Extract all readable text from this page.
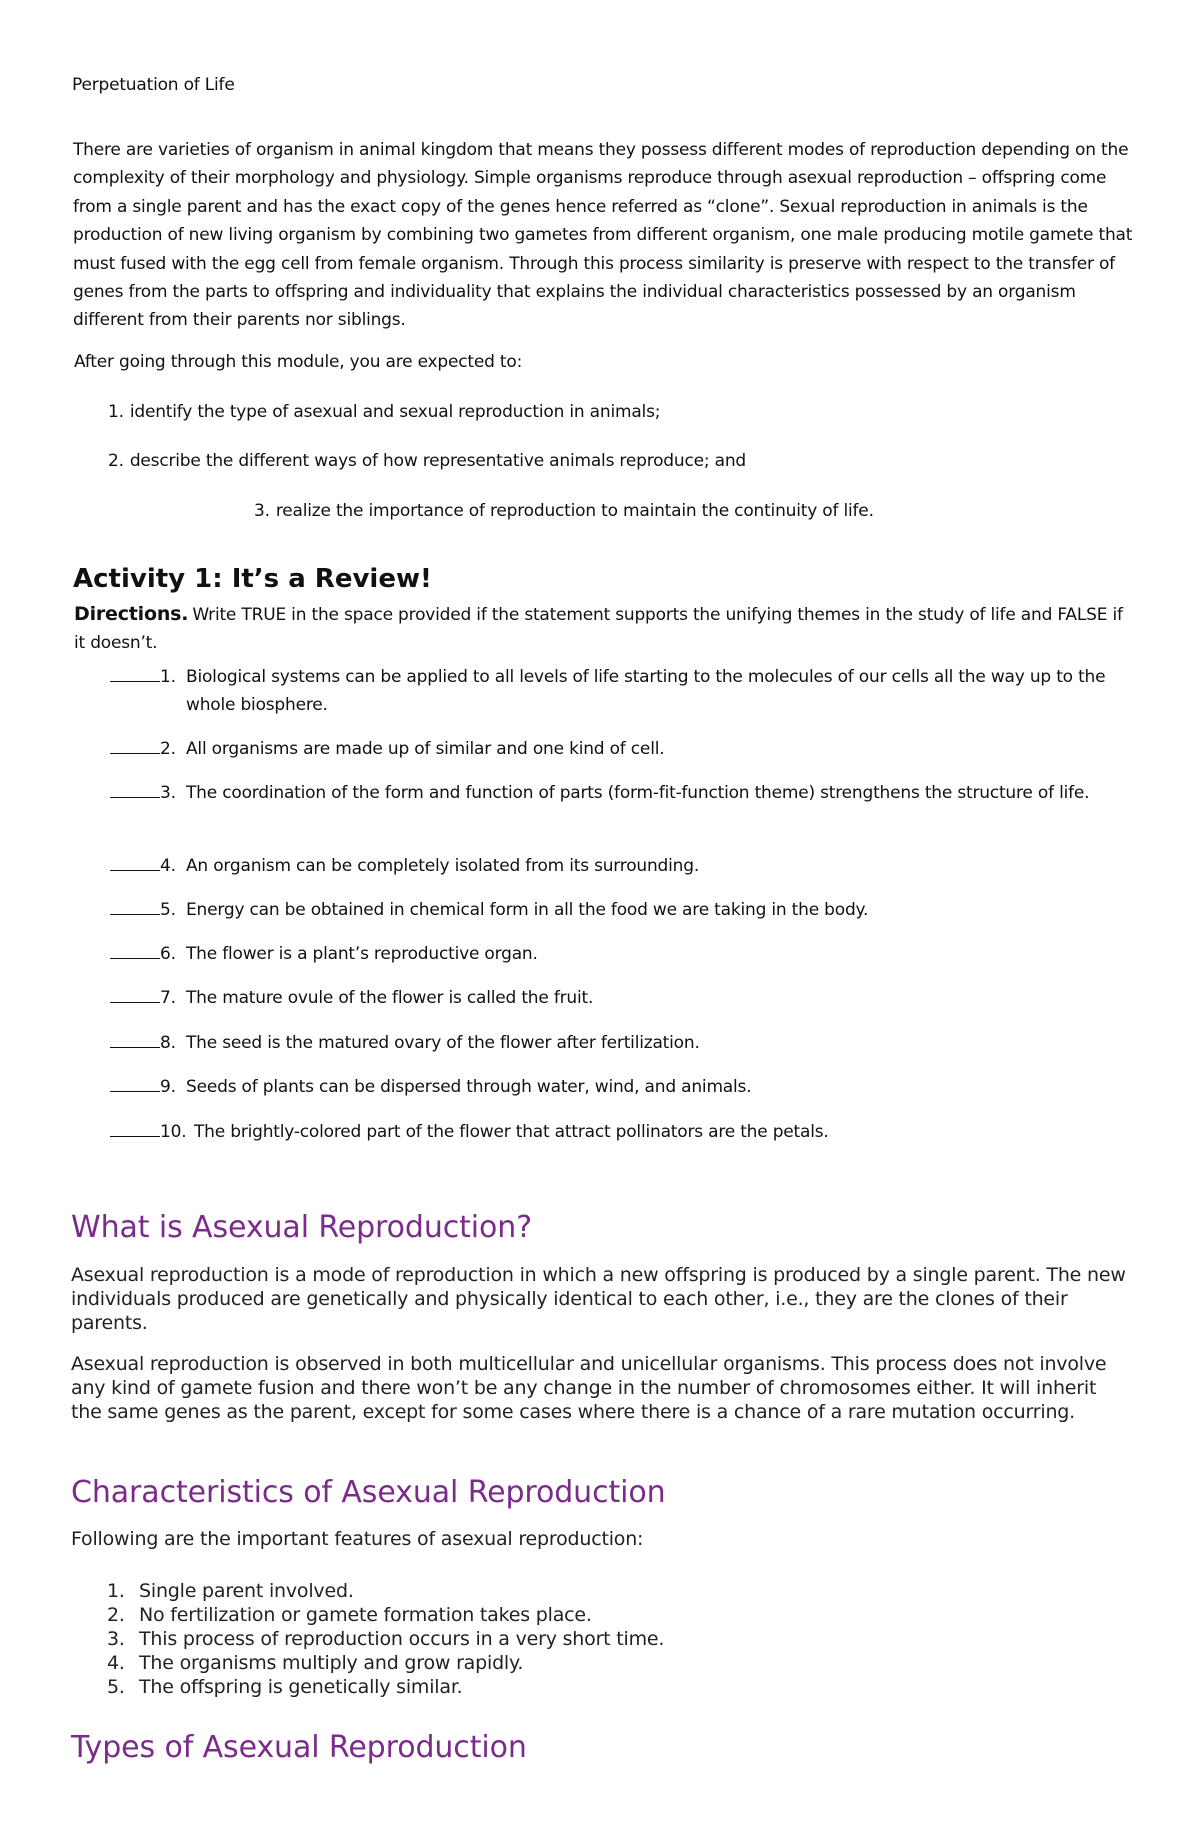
Perpetuation of Life
There are varieties of organism in animal kingdom that means they possess different modes of reproduction depending on the complexity of their morphology and physiology. Simple organisms reproduce through asexual reproduction – offspring come from a single parent and has the exact copy of the genes hence referred as “clone”. Sexual reproduction in animals is the production of new living organism by combining two gametes from different organism, one male producing motile gamete that must fused with the egg cell from female organism. Through this process similarity is preserve with respect to the transfer of genes from the parts to offspring and individuality that explains the individual characteristics possessed by an organism different from their parents nor siblings.
After going through this module, you are expected to:
1. identify the type of asexual and sexual reproduction in animals;
2. describe the different ways of how representative animals reproduce; and
3. realize the importance of reproduction to maintain the continuity of life.
Activity 1: It’s a Review!
Directions. Write TRUE in the space provided if the statement supports the unifying themes in the study of life and FALSE if it doesn’t.
1. Biological systems can be applied to all levels of life starting to the molecules of our cells all the way up to the whole biosphere.
2. All organisms are made up of similar and one kind of cell.
3. The coordination of the form and function of parts (form-fit-function theme) strengthens the structure of life.
4. An organism can be completely isolated from its surrounding.
5. Energy can be obtained in chemical form in all the food we are taking in the body.
6. The flower is a plant’s reproductive organ.
7. The mature ovule of the flower is called the fruit.
8. The seed is the matured ovary of the flower after fertilization.
9. Seeds of plants can be dispersed through water, wind, and animals.
10. The brightly-colored part of the flower that attract pollinators are the petals.
What is Asexual Reproduction?
Asexual reproduction is a mode of reproduction in which a new offspring is produced by a single parent. The new individuals produced are genetically and physically identical to each other, i.e., they are the clones of their parents.
Asexual reproduction is observed in both multicellular and unicellular organisms. This process does not involve any kind of gamete fusion and there won’t be any change in the number of chromosomes either. It will inherit the same genes as the parent, except for some cases where there is a chance of a rare mutation occurring.
Characteristics of Asexual Reproduction
Following are the important features of asexual reproduction:
1. Single parent involved.
2. No fertilization or gamete formation takes place.
3. This process of reproduction occurs in a very short time.
4. The organisms multiply and grow rapidly.
5. The offspring is genetically similar.
Types of Asexual Reproduction
